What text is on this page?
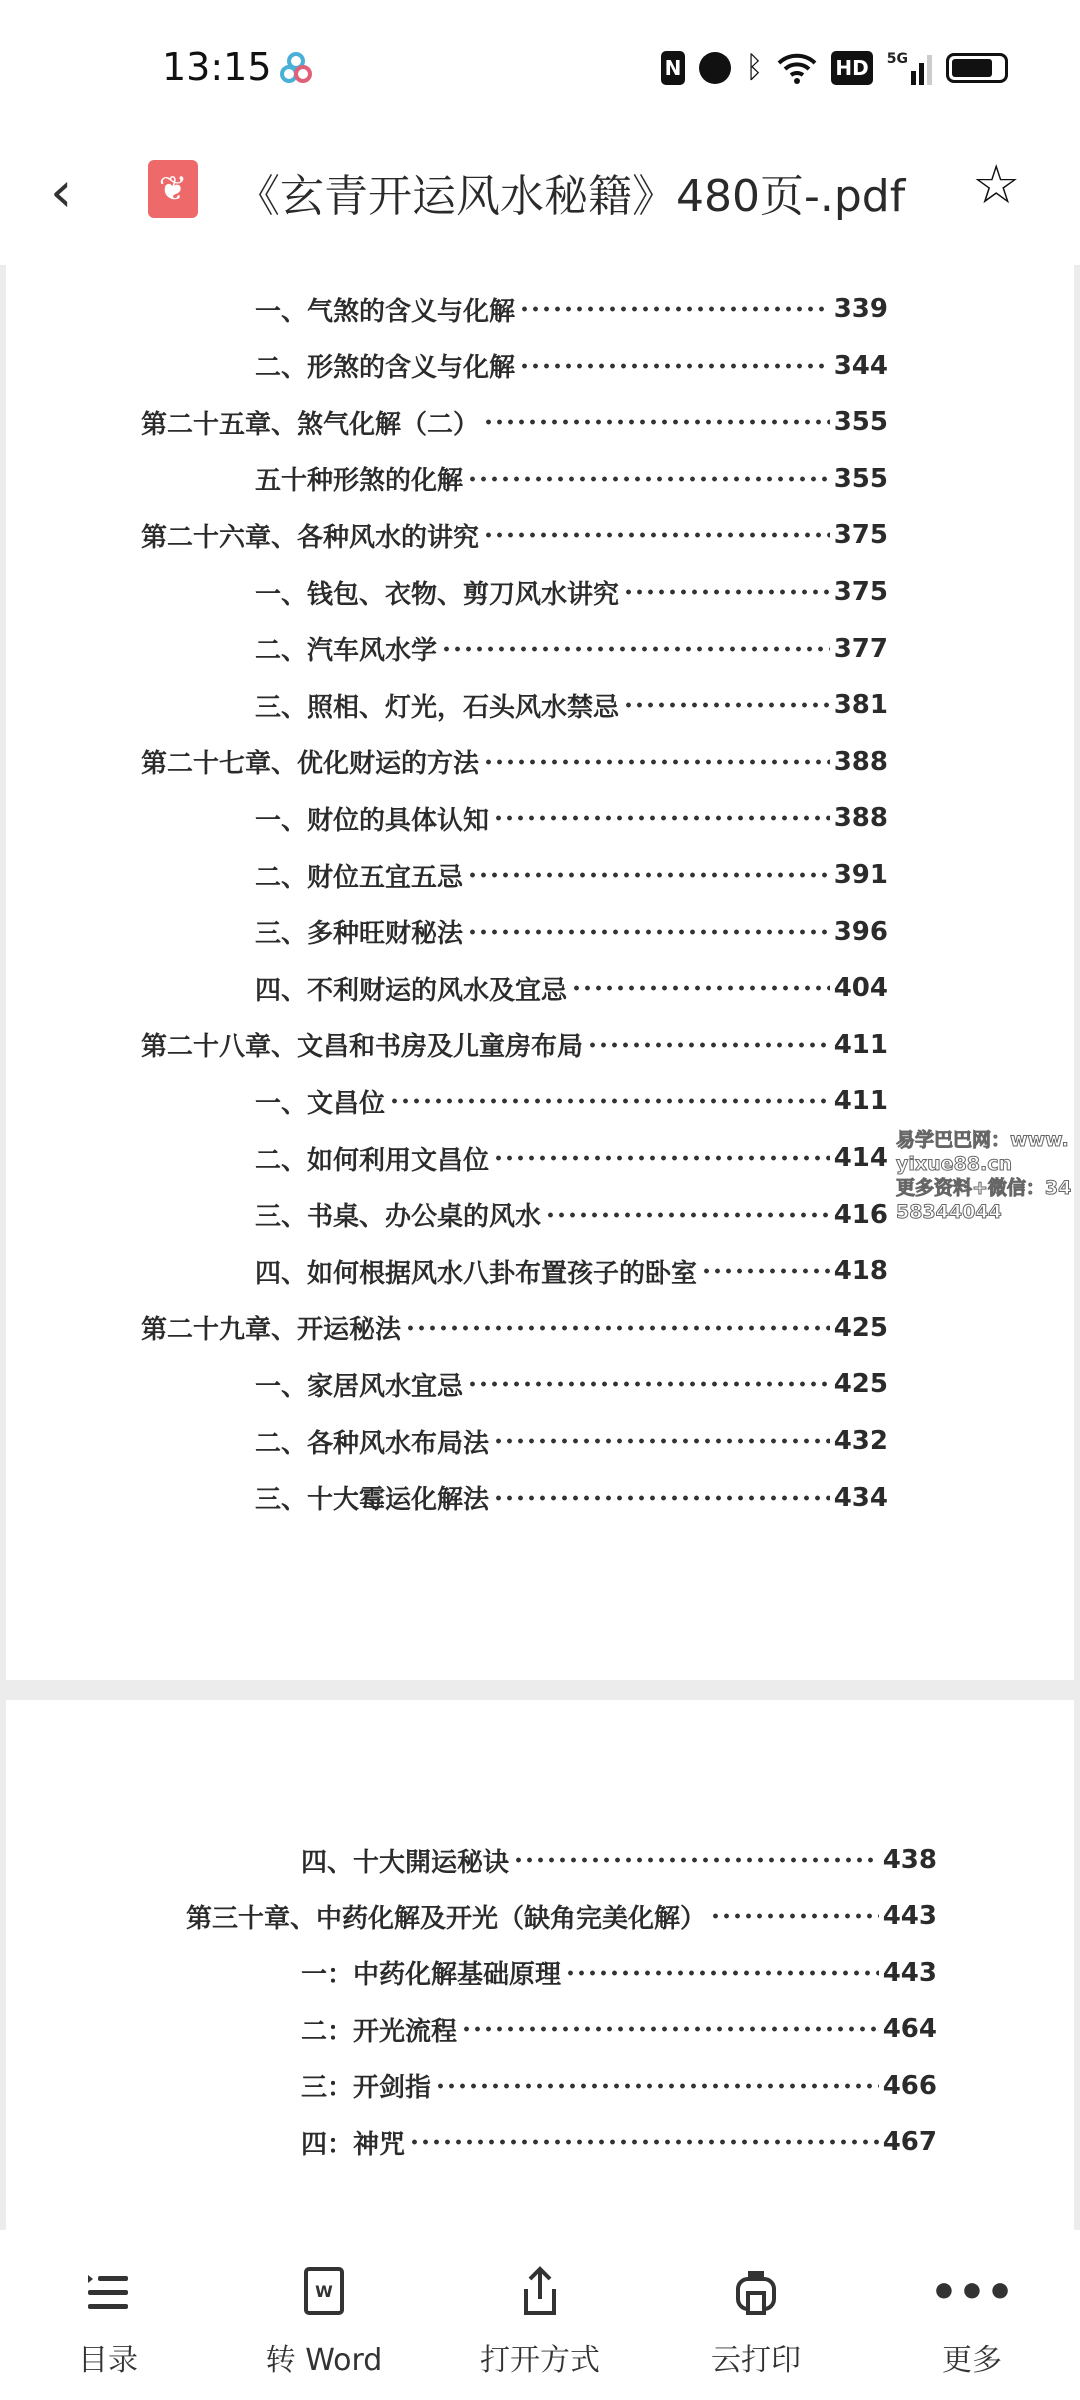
13:15	N ᛒ	HD 5G
‹	❦ 《玄青开运风水秘籍》480页-.pdf ☆
一、气煞的含义与化解	339
二、形煞的含义与化解	344
第二十五章、煞气化解（二）	355
五十种形煞的化解	355
第二十六章、各种风水的讲究	375
一、钱包、衣物、剪刀风水讲究	375
二、汽车风水学	377
三、照相、灯光，石头风水禁忌	381
第二十七章、优化财运的方法	388
一、财位的具体认知	388
二、财位五宜五忌	391
三、多种旺财秘法	396
四、不利财运的风水及宜忌	404
第二十八章、文昌和书房及儿童房布局	411
一、文昌位	411
二、如何利用文昌位	414
三、书桌、办公桌的风水	416
四、如何根据风水八卦布置孩子的卧室	418
第二十九章、开运秘法	425
一、家居风水宜忌	425
二、各种风水布局法	432
三、十大霉运化解法	434
四、十大開运秘诀	438
第三十章、中药化解及开光（缺角完美化解）	443
一：中药化解基础原理	443
二：开光流程	464
三：开剑指	466
四：神咒	467
易学巴巴网：www.yixue88.cn
更多资料+微信：3458344044
目录
W
转 Word	打开方式	云打印
•••
更多
